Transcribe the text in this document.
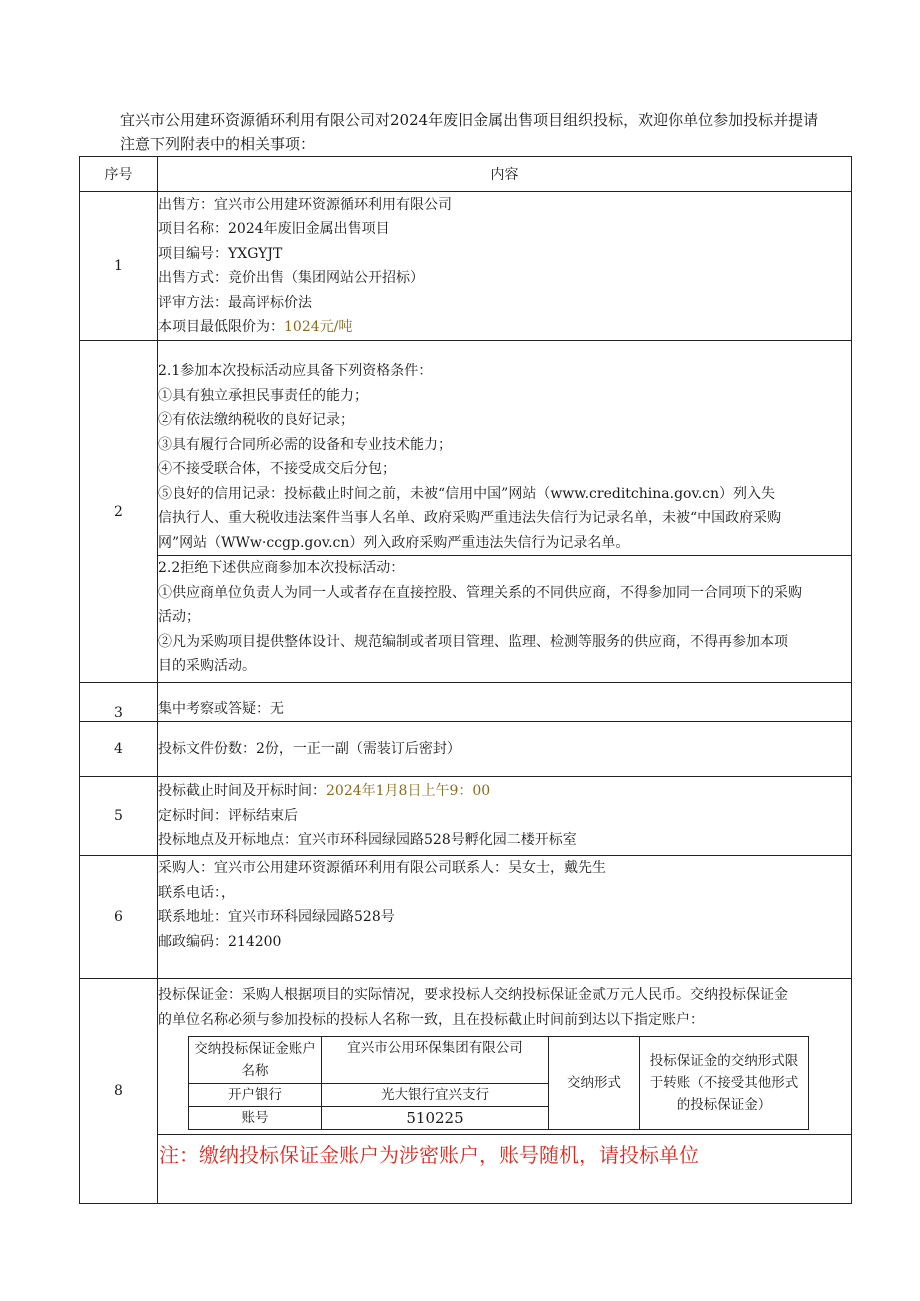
宜兴市公用建环资源循环利用有限公司对2024年废旧金属出售项目组织投标，欢迎你单位参加投标并提请

注意下列附表中的相关事项：

序号	内容
1	
出售方：宜兴市公用建环资源循环利用有限公司
项目名称：2024年废旧金属出售项目
项目编号：YXGYJT
出售方式：竞价出售（集团网站公开招标）
评审方法：最高评标价法
本项目最低限价为：1024元/吨

2	
2.1参加本次投标活动应具备下列资格条件：
①具有独立承担民事责任的能力；
②有依法缴纳税收的良好记录；
③具有履行合同所必需的设备和专业技术能力；
④不接受联合体，不接受成交后分包；
⑤良好的信用记录：投标截止时间之前，未被“信用中国”网站（www.creditchina.gov.cn）列入失
信执行人、重大税收违法案件当事人名单、政府采购严重违法失信行为记录名单，未被“中国政府采购
网”网站（WWw·ccgp.gov.cn）列入政府采购严重违法失信行为记录名单。

2.2拒绝下述供应商参加本次投标活动：
①供应商单位负责人为同一人或者存在直接控股、管理关系的不同供应商，不得参加同一合同项下的采购
活动；
②凡为采购项目提供整体设计、规范编制或者项目管理、监理、检测等服务的供应商，不得再参加本项
目的采购活动。

3	集中考察或答疑：无

4	投标文件份数：2份，一正一副（需装订后密封）

5	
投标截止时间及开标时间：2024年1月8日上午9：00
定标时间：评标结束后
投标地点及开标地点：宜兴市环科园绿园路528号孵化园二楼开标室

6	
采购人：宜兴市公用建环资源循环利用有限公司联系人：吴女士，戴先生
联系电话：，
联系地址：宜兴市环科园绿园路528号
邮政编码：214200

8	
投标保证金：采购人根据项目的实际情况，要求投标人交纳投标保证金贰万元人民币。交纳投标保证金
的单位名称必须与参加投标的投标人名称一致，且在投标截止时间前到达以下指定账户：
交纳投标保证金账户名称	宜兴市公用环保集团有限公司	交纳形式	投标保证金的交纳形式限于转账（不接受其他形式的投标保证金）
开户银行	光大银行宜兴支行
账号	510225
注：缴纳投标保证金账户为涉密账户，账号随机，请投标单位
